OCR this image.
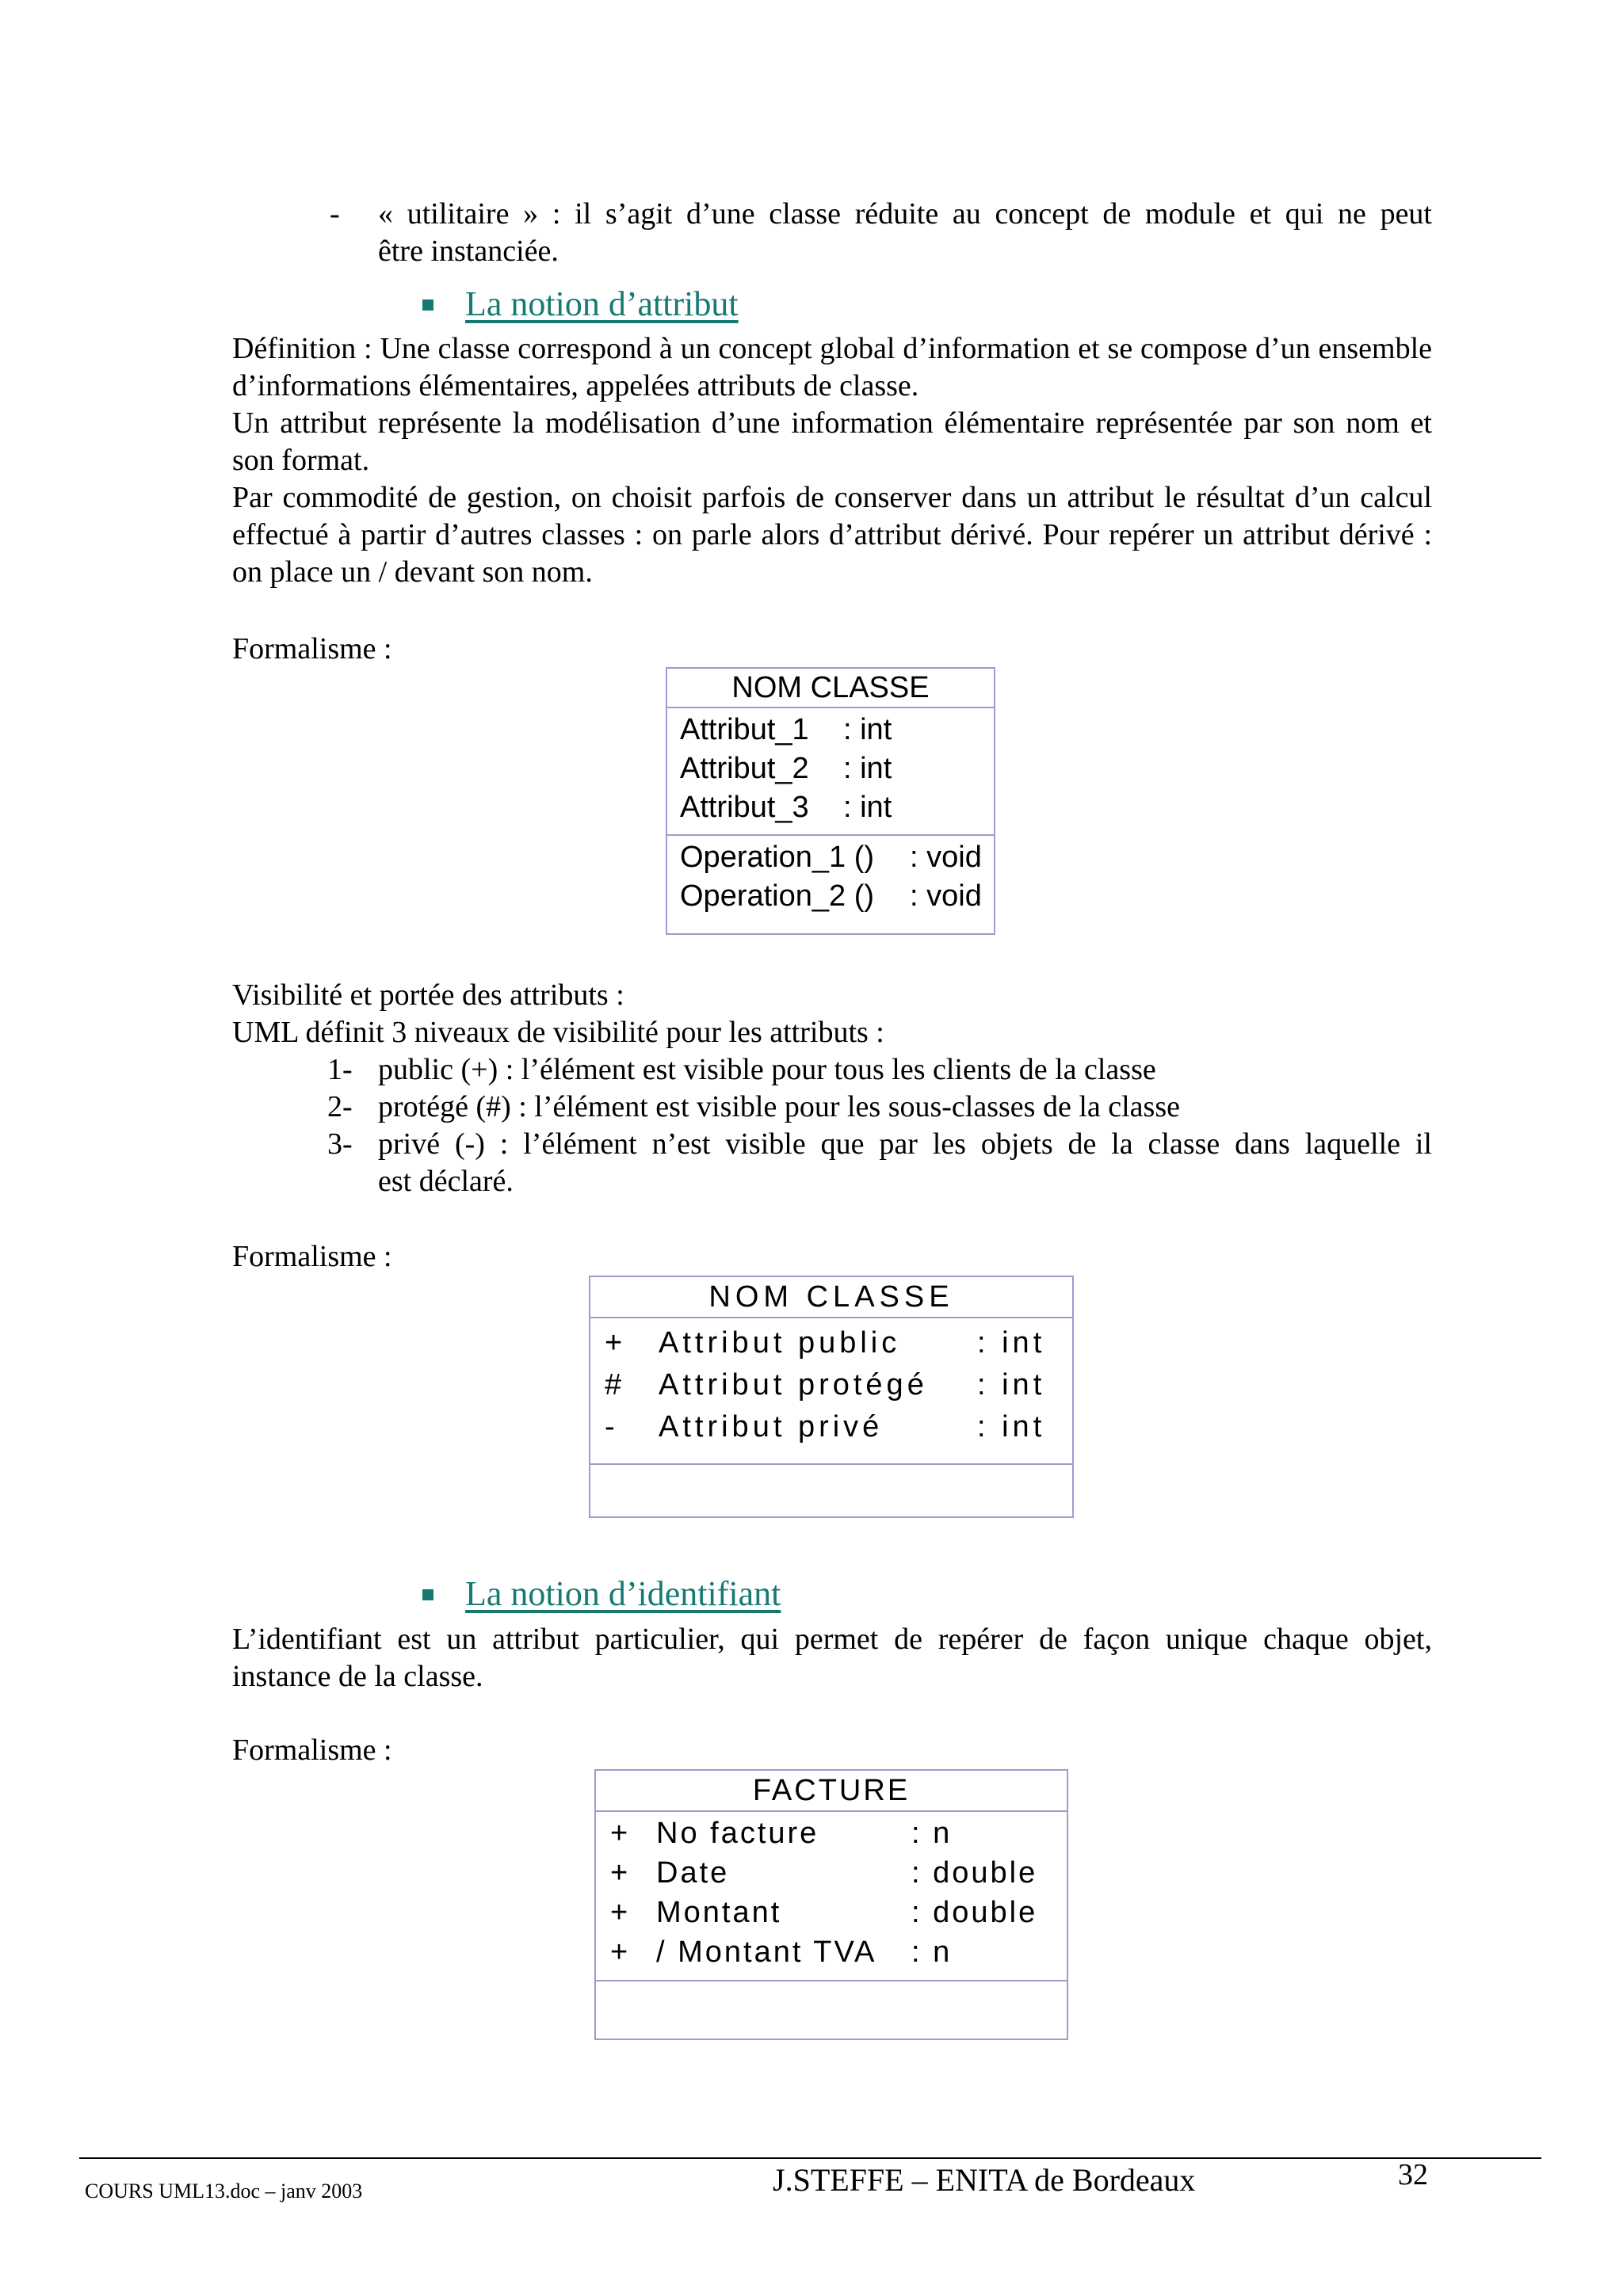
- « utilitaire » : il s’agit d’une classe réduite au concept de module et qui ne peut
être instanciée.
La notion d’attribut
Définition : Une classe correspond à un concept global d’information et se compose d’un ensemble d’informations élémentaires, appelées attributs de classe.
Un attribut représente la modélisation d’une information élémentaire représentée par son nom et son format.
Par commodité de gestion, on choisit parfois de conserver dans un attribut le résultat d’un calcul effectué à partir d’autres classes : on parle alors d’attribut dérivé. Pour repérer un attribut dérivé : on place un / devant son nom.
Formalisme :
NOM CLASSE
Attribut_1 : int
Attribut_2 : int
Attribut_3 : int
Operation_1 () : void
Operation_2 () : void
Visibilité et portée des attributs :
UML définit 3 niveaux de visibilité pour les attributs :
1- public (+) : l’élément est visible pour tous les clients de la classe
2- protégé (#) : l’élément est visible pour les sous-classes de la classe
3- privé (-) : l’élément n’est visible que par les objets de la classe dans laquelle il
est déclaré.
Formalisme :
NOM CLASSE
+ Attribut public	: int
# Attribut protégé : int
- Attribut privé	: int
La notion d’identifiant
L’identifiant est un attribut particulier, qui permet de repérer de façon unique chaque objet, instance de la classe.
Formalisme :
FACTURE
+ No facture	: n
+ Date	: double
+ Montant	: double
+ / Montant TVA : n
COURS UML13.doc – janv 2003	J.STEFFE – ENITA de Bordeaux	32
